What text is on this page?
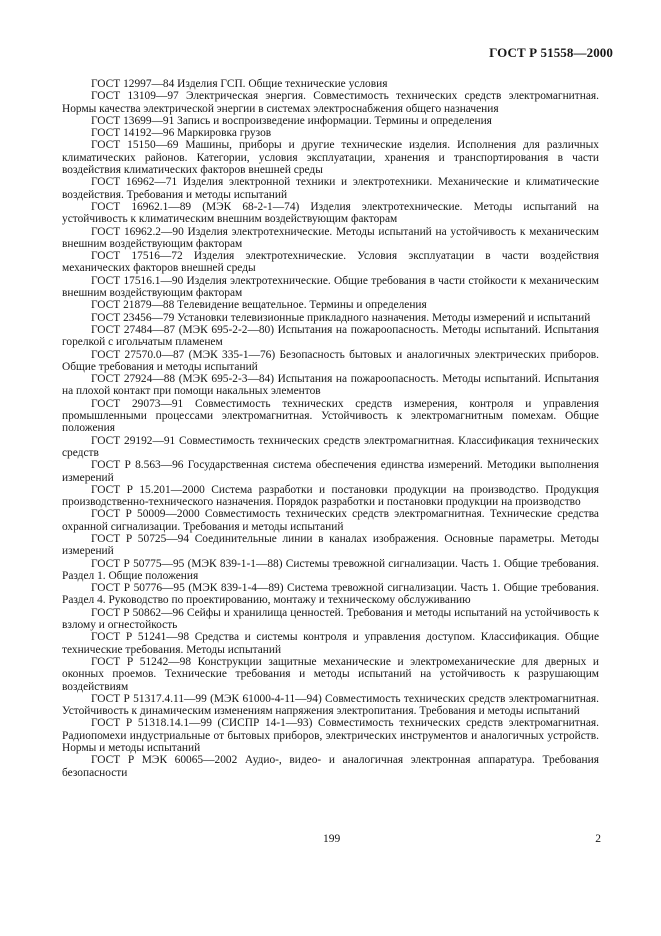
ГОСТ Р 51558—2000

ГОСТ 12997—84 Изделия ГСП. Общие технические условия

ГОСТ 13109—97 Электрическая энергия. Совместимость технических средств электромагнитная. Нормы качества электрической энергии в системах электроснабжения общего назначения

ГОСТ 13699—91 Запись и воспроизведение информации. Термины и определения

ГОСТ 14192—96 Маркировка грузов

ГОСТ 15150—69 Машины, приборы и другие технические изделия. Исполнения для различных климатических районов. Категории, условия эксплуатации, хранения и транспортирования в части воздействия климатических факторов внешней среды

ГОСТ 16962—71 Изделия электронной техники и электротехники. Механические и климатические воздействия. Требования и методы испытаний

ГОСТ 16962.1—89 (МЭК 68-2-1—74) Изделия электротехнические. Методы испытаний на устойчивость к климатическим внешним воздействующим факторам

ГОСТ 16962.2—90 Изделия электротехнические. Методы испытаний на устойчивость к механическим внешним воздействующим факторам

ГОСТ 17516—72 Изделия электротехнические. Условия эксплуатации в части воздействия механических факторов внешней среды

ГОСТ 17516.1—90 Изделия электротехнические. Общие требования в части стойкости к механическим внешним воздействующим факторам

ГОСТ 21879—88 Телевидение вещательное. Термины и определения

ГОСТ 23456—79 Установки телевизионные прикладного назначения. Методы измерений и испытаний

ГОСТ 27484—87 (МЭК 695-2-2—80) Испытания на пожароопасность. Методы испытаний. Испытания горелкой с игольчатым пламенем

ГОСТ 27570.0—87 (МЭК 335-1—76) Безопасность бытовых и аналогичных электрических приборов. Общие требования и методы испытаний

ГОСТ 27924—88 (МЭК 695-2-3—84) Испытания на пожароопасность. Методы испытаний. Испытания на плохой контакт при помощи накальных элементов

ГОСТ 29073—91 Совместимость технических средств измерения, контроля и управления промышленными процессами электромагнитная. Устойчивость к электромагнитным помехам. Общие положения

ГОСТ 29192—91 Совместимость технических средств электромагнитная. Классификация технических средств

ГОСТ Р 8.563—96 Государственная система обеспечения единства измерений. Методики выполнения измерений

ГОСТ Р 15.201—2000 Система разработки и постановки продукции на производство. Продукция производственно-технического назначения. Порядок разработки и постановки продукции на производство

ГОСТ Р 50009—2000 Совместимость технических средств электромагнитная. Технические средства охранной сигнализации. Требования и методы испытаний

ГОСТ Р 50725—94 Соединительные линии в каналах изображения. Основные параметры. Методы измерений

ГОСТ Р 50775—95 (МЭК 839-1-1—88) Системы тревожной сигнализации. Часть 1. Общие требования. Раздел 1. Общие положения

ГОСТ Р 50776—95 (МЭК 839-1-4—89) Система тревожной сигнализации. Часть 1. Общие требования. Раздел 4. Руководство по проектированию, монтажу и техническому обслуживанию

ГОСТ Р 50862—96 Сейфы и хранилища ценностей. Требования и методы испытаний на устойчивость к взлому и огнестойкость

ГОСТ Р 51241—98 Средства и системы контроля и управления доступом. Классификация. Общие технические требования. Методы испытаний

ГОСТ Р 51242—98 Конструкции защитные механические и электромеханические для дверных и оконных проемов. Технические требования и методы испытаний на устойчивость к разрушающим воздействиям

ГОСТ Р 51317.4.11—99 (МЭК 61000-4-11—94) Совместимость технических средств электромагнитная. Устойчивость к динамическим изменениям напряжения электропитания. Требования и методы испытаний

ГОСТ Р 51318.14.1—99 (СИСПР 14-1—93) Совместимость технических средств электромагнитная. Радиопомехи индустриальные от бытовых приборов, электрических инструментов и аналогичных устройств. Нормы и методы испытаний

ГОСТ Р МЭК 60065—2002 Аудио-, видео- и аналогичная электронная аппаратура. Требования безопасности

199	2
